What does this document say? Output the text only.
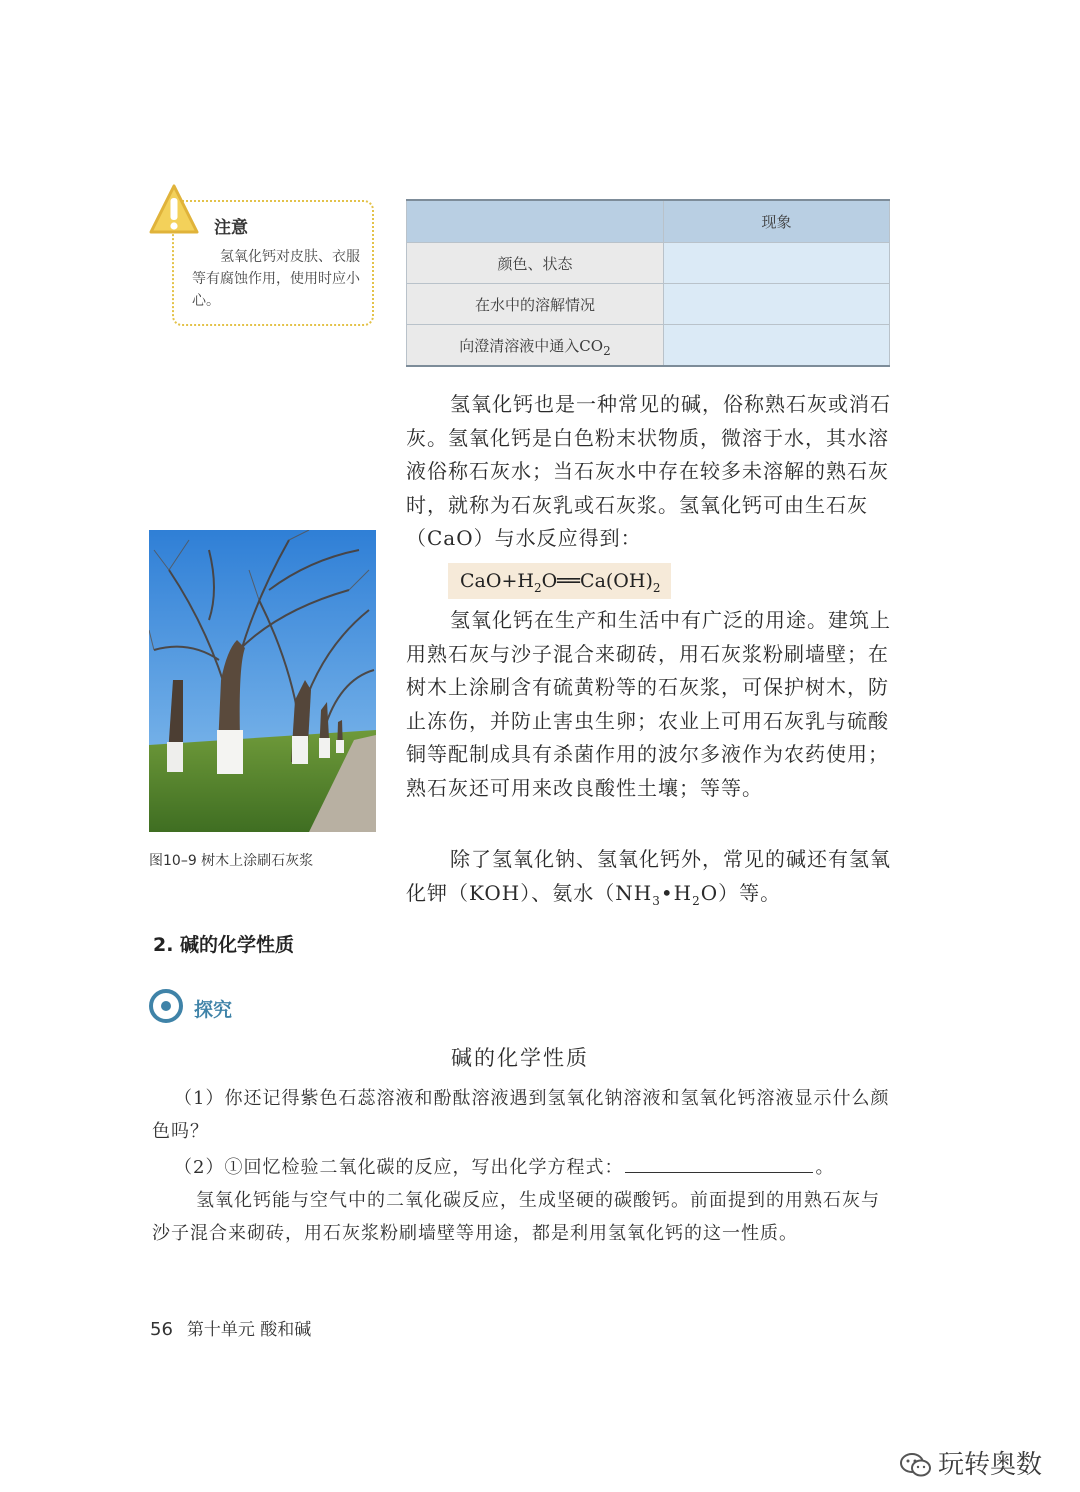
注意
氢氧化钙对皮肤、衣服等有腐蚀作用，使用时应小心。
	现象
颜色、状态	
在水中的溶解情况	
向澄清溶液中通入$CO_2$	
氢氧化钙也是一种常见的碱，俗称熟石灰或消石灰。氢氧化钙是白色粉末状物质，微溶于水，其水溶液俗称石灰水；当石灰水中存在较多未溶解的熟石灰时，就称为石灰乳或石灰浆。氢氧化钙可由生石灰（CaO）与水反应得到：
$CaO+H_2O══Ca(OH)_2$
氢氧化钙在生产和生活中有广泛的用途。建筑上用熟石灰与沙子混合来砌砖，用石灰浆粉刷墙壁；在树木上涂刷含有硫黄粉等的石灰浆，可保护树木，防止冻伤，并防止害虫生卵；农业上可用石灰乳与硫酸铜等配制成具有杀菌作用的波尔多液作为农药使用；熟石灰还可用来改良酸性土壤；等等。
除了氢氧化钠、氢氧化钙外，常见的碱还有氢氧化钾（KOH）、氨水$(NH_3•H_2O)$等。
图10–9 树木上涂刷石灰浆
2. 碱的化学性质
探究
碱的化学性质
（1）你还记得紫色石蕊溶液和酚酞溶液遇到氢氧化钠溶液和氢氧化钙溶液显示什么颜色吗？
（2）①回忆检验二氧化碳的反应，写出化学方程式：	。
氢氧化钙能与空气中的二氧化碳反应，生成坚硬的碳酸钙。前面提到的用熟石灰与沙子混合来砌砖，用石灰浆粉刷墙壁等用途，都是利用氢氧化钙的这一性质。
56 第十单元 酸和碱
玩转奥数
